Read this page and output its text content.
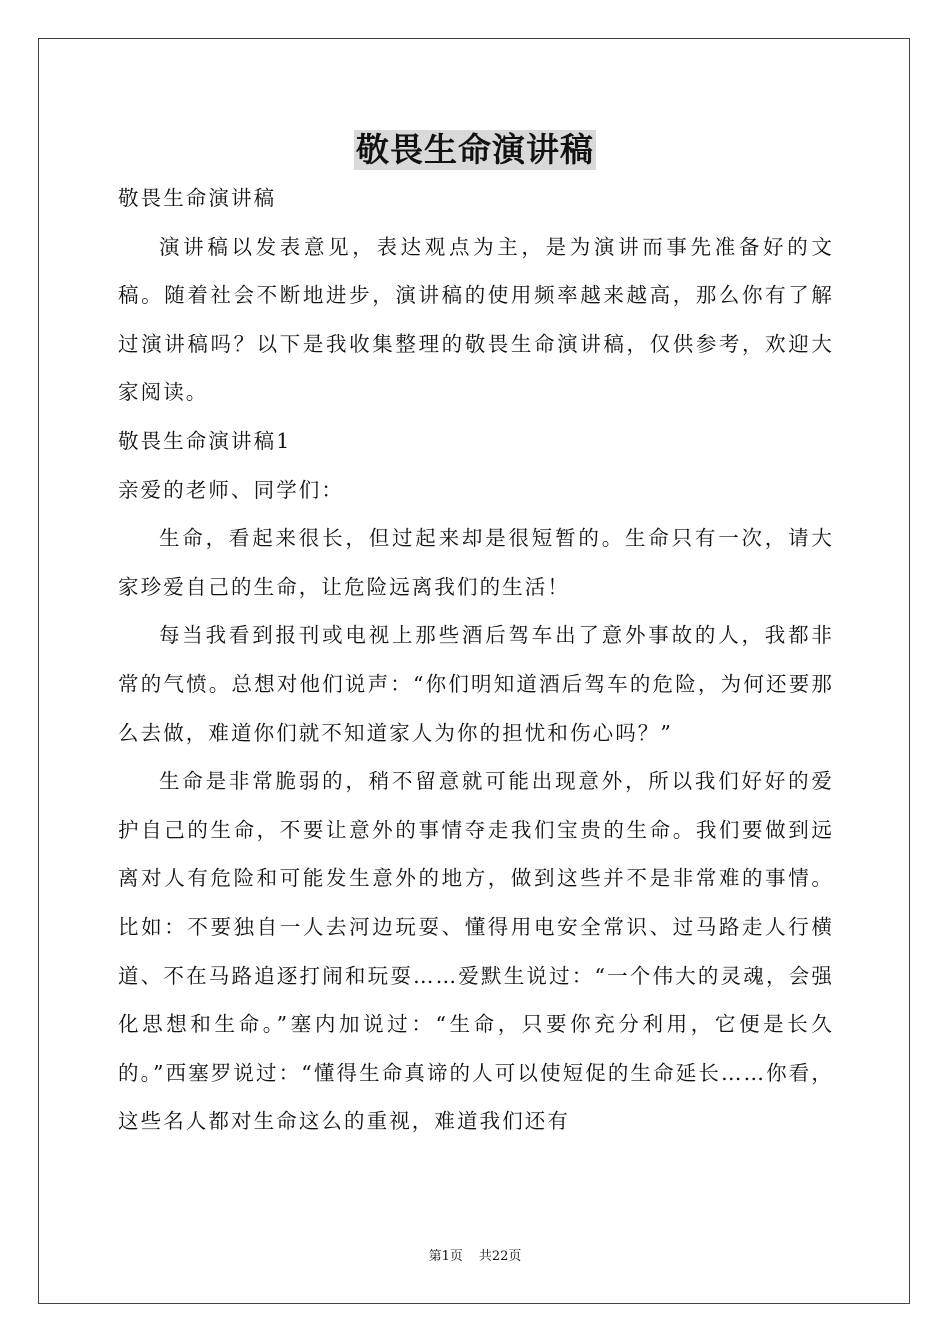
敬畏生命演讲稿

敬畏生命演讲稿

演讲稿以发表意见，表达观点为主，是为演讲而事先准备好的文稿。随着社会不断地进步，演讲稿的使用频率越来越高，那么你有了解过演讲稿吗？以下是我收集整理的敬畏生命演讲稿，仅供参考，欢迎大家阅读。

敬畏生命演讲稿1

亲爱的老师、同学们：

生命，看起来很长，但过起来却是很短暂的。生命只有一次，请大家珍爱自己的生命，让危险远离我们的生活！

每当我看到报刊或电视上那些酒后驾车出了意外事故的人，我都非常的气愤。总想对他们说声：“你们明知道酒后驾车的危险，为何还要那么去做，难道你们就不知道家人为你的担忧和伤心吗？”

生命是非常脆弱的，稍不留意就可能出现意外，所以我们好好的爱护自己的生命，不要让意外的事情夺走我们宝贵的生命。我们要做到远离对人有危险和可能发生意外的地方，做到这些并不是非常难的事情。比如：不要独自一人去河边玩耍、懂得用电安全常识、过马路走人行横道、不在马路追逐打闹和玩耍……爱默生说过：“一个伟大的灵魂，会强化思想和生命。”塞内加说过：“生命，只要你充分利用，它便是长久的。”西塞罗说过：“懂得生命真谛的人可以使短促的生命延长……你看，这些名人都对生命这么的重视，难道我们还有

第1页 共22页
